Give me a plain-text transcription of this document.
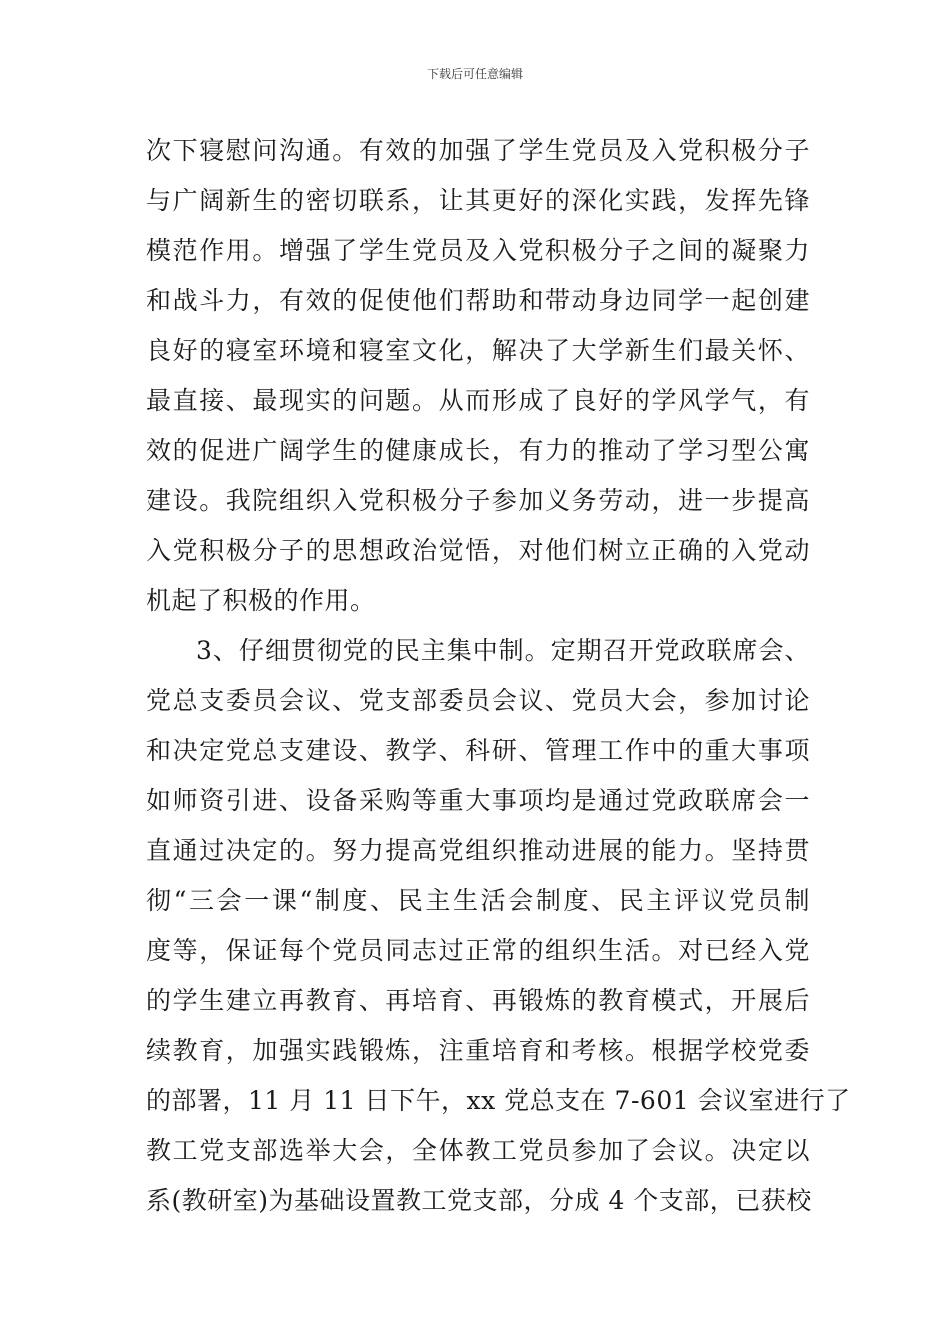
下载后可任意编辑
次下寝慰问沟通。有效的加强了学生党员及入党积极分子
与广阔新生的密切联系，让其更好的深化实践，发挥先锋
模范作用。增强了学生党员及入党积极分子之间的凝聚力
和战斗力，有效的促使他们帮助和带动身边同学一起创建
良好的寝室环境和寝室文化，解决了大学新生们最关怀、
最直接、最现实的问题。从而形成了良好的学风学气，有
效的促进广阔学生的健康成长，有力的推动了学习型公寓
建设。我院组织入党积极分子参加义务劳动，进一步提高
入党积极分子的思想政治觉悟，对他们树立正确的入党动
机起了积极的作用。
3、仔细贯彻党的民主集中制。定期召开党政联席会、
党总支委员会议、党支部委员会议、党员大会，参加讨论
和决定党总支建设、教学、科研、管理工作中的重大事项
如师资引进、设备采购等重大事项均是通过党政联席会一
直通过决定的。努力提高党组织推动进展的能力。坚持贯
彻“三会一课“制度、民主生活会制度、民主评议党员制
度等，保证每个党员同志过正常的组织生活。对已经入党
的学生建立再教育、再培育、再锻炼的教育模式，开展后
续教育，加强实践锻炼，注重培育和考核。根据学校党委
的部署，11 月 11 日下午，xx 党总支在 7-601 会议室进行了
教工党支部选举大会，全体教工党员参加了会议。决定以
系(教研室)为基础设置教工党支部，分成 4 个支部，已获校
